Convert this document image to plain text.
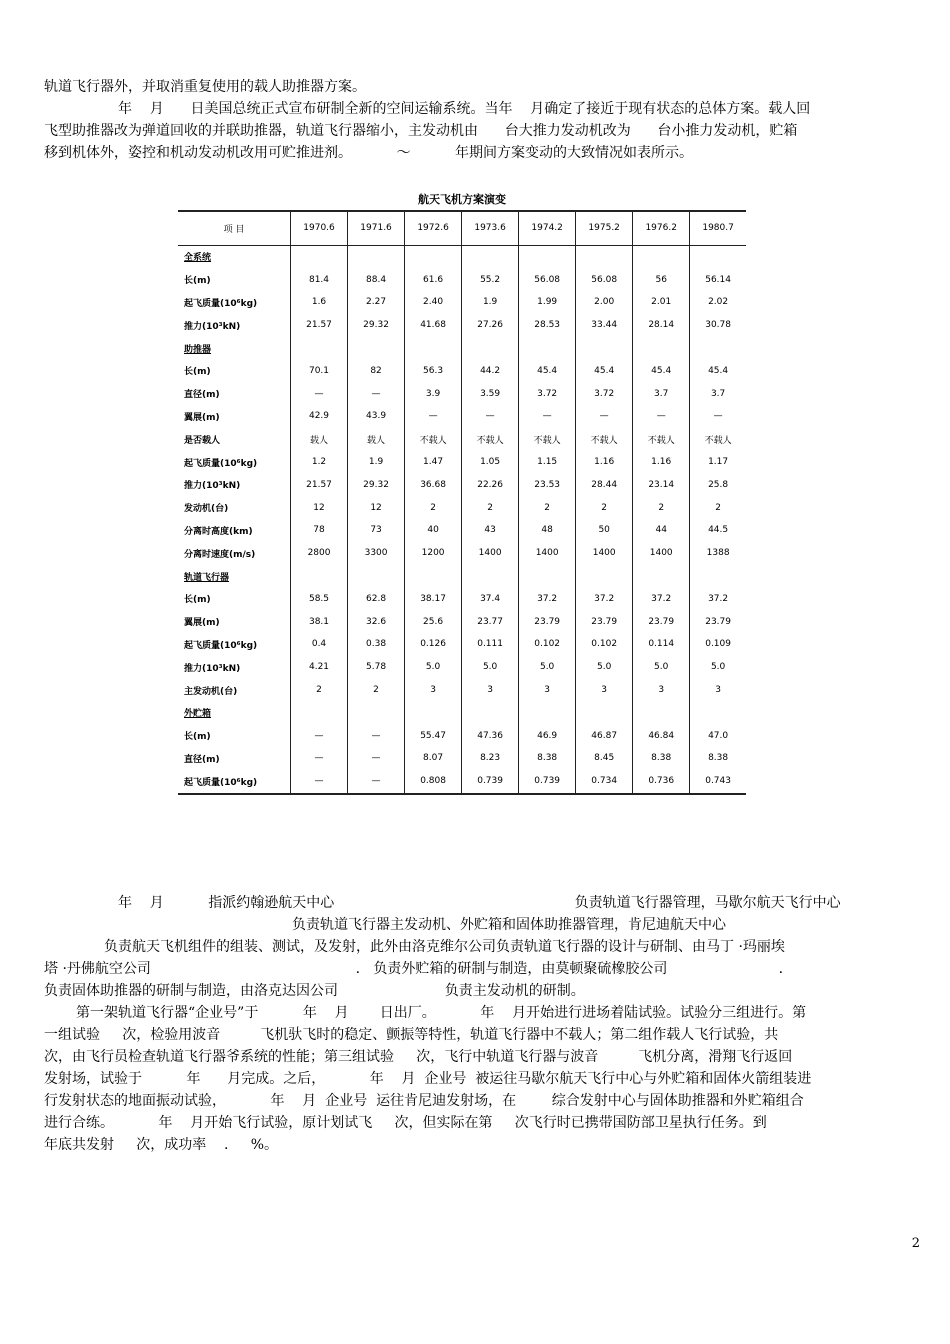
轨道飞行器外，并取消重复使用的载人助推器方案。
年    月      日美国总统正式宣布研制全新的空间运输系统。当年    月确定了接近于现有状态的总体方案。载人回
飞型助推器改为弹道回收的并联助推器，轨道飞行器缩小，主发动机由      台大推力发动机改为      台小推力发动机，贮箱
移到机体外，姿控和机动发动机改用可贮推进剂。          ～          年期间方案变动的大致情况如表所示。
航天飞机方案演变
项 目	1970.6	1971.6	1972.6	1973.6	1974.2	1975.2	1976.2	1980.7
全系统								
长(m)	81.4	88.4	61.6	55.2	56.08	56.08	56	56.14
起飞质量(10⁶kg)	1.6	2.27	2.40	1.9	1.99	2.00	2.01	2.02
推力(10³kN)	21.57	29.32	41.68	27.26	28.53	33.44	28.14	30.78
助推器								
长(m)	70.1	82	56.3	44.2	45.4	45.4	45.4	45.4
直径(m)	—	—	3.9	3.59	3.72	3.72	3.7	3.7
翼展(m)	42.9	43.9	—	—	—	—	—	—
是否载人	载人	载人	不载人	不载人	不载人	不载人	不载人	不载人
起飞质量(10⁶kg)	1.2	1.9	1.47	1.05	1.15	1.16	1.16	1.17
推力(10³kN)	21.57	29.32	36.68	22.26	23.53	28.44	23.14	25.8
发动机(台)	12	12	2	2	2	2	2	2
分离时高度(km)	78	73	40	43	48	50	44	44.5
分离时速度(m/s)	2800	3300	1200	1400	1400	1400	1400	1388
轨道飞行器								
长(m)	58.5	62.8	38.17	37.4	37.2	37.2	37.2	37.2
翼展(m)	38.1	32.6	25.6	23.77	23.79	23.79	23.79	23.79
起飞质量(10⁶kg)	0.4	0.38	0.126	0.111	0.102	0.102	0.114	0.109
推力(10³kN)	4.21	5.78	5.0	5.0	5.0	5.0	5.0	5.0
主发动机(台)	2	2	3	3	3	3	3	3
外贮箱								
长(m)	—	—	55.47	47.36	46.9	46.87	46.84	47.0
直径(m)	—	—	8.07	8.23	8.38	8.45	8.38	8.38
起飞质量(10⁶kg)	—	—	0.808	0.739	0.739	0.734	0.736	0.743
年    月          指派约翰逊航天中心                                                      负责轨道飞行器管理，马歇尔航天飞行中心
负责轨道飞行器主发动机、外贮箱和固体助推器管理，肯尼迪航天中心
负责航天飞机组件的组装、测试，及发射，此外由洛克维尔公司负责轨道飞行器的设计与研制、由马丁 ·玛丽埃
塔 ·丹佛航空公司                                              .   负责外贮箱的研制与制造，由莫顿聚硫橡胶公司                         .
负责固体助推器的研制与制造，由洛克达因公司                        负责主发动机的研制。
第一架轨道飞行器“企业号”于          年    月       日出厂。          年    月开始进行进场着陆试验。试验分三组进行。第
一组试验     次，检验用波音         飞机驮飞时的稳定、颤振等特性，轨道飞行器中不载人；第二组作载人飞行试验，共
次，由飞行员检查轨道飞行器爷系统的性能；第三组试验     次，飞行中轨道飞行器与波音         飞机分离，滑翔飞行返回
发射场，试验于          年      月完成。之后，          年    月  企业号  被运往马歇尔航天飞行中心与外贮箱和固体火箭组装进
行发射状态的地面振动试验，          年    月  企业号  运往肯尼迪发射场，在        综合发射中心与固体助推器和外贮箱组合
进行合练。          年    月开始飞行试验，原计划试飞     次，但实际在第     次飞行时已携带国防部卫星执行任务。到
年底共发射     次，成功率    .     %。
2
